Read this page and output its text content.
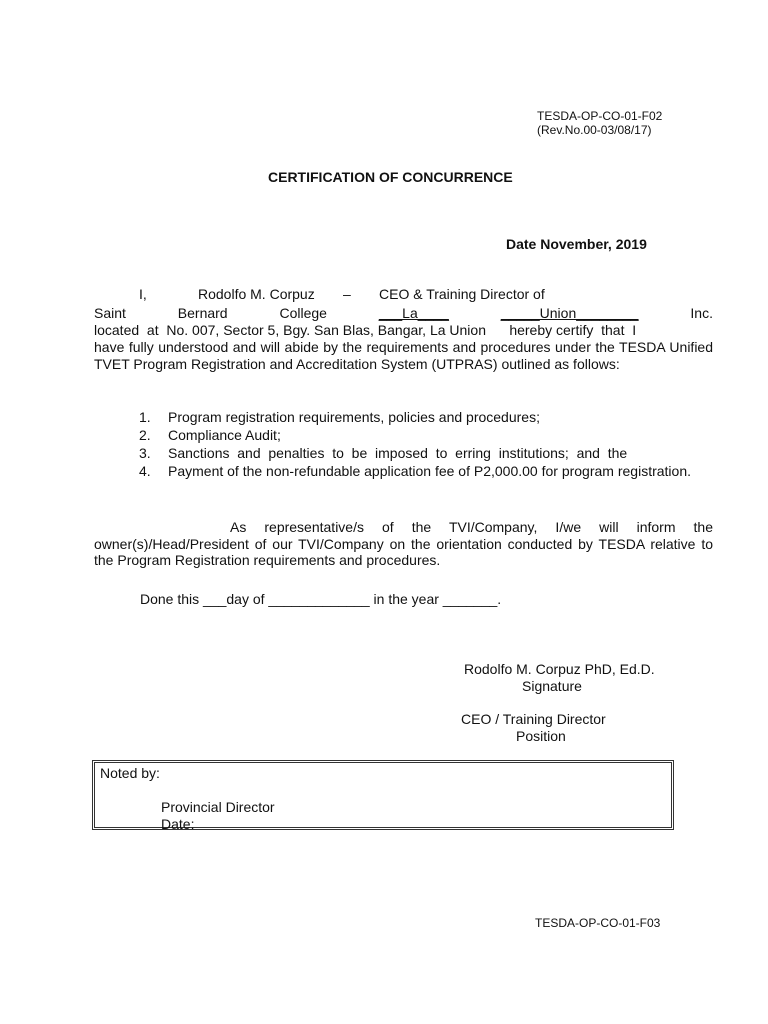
TESDA-OP-CO-01-F02
(Rev.No.00-03/08/17)
CERTIFICATION OF CONCURRENCE
Date November, 2019
I,	Rodolfo M. Corpuz – CEO & Training Director of
Saint	Bernard	College	___La____	_____Union________	Inc.
located  at  No. 007, Sector 5, Bgy. San Blas, Bangar, La Union      hereby certify  that  I
have fully understood and will abide by the requirements and procedures under the TESDA Unified TVET Program Registration and Accreditation System (UTPRAS) outlined as follows:
1.	Program registration requirements, policies and procedures;
2.	Compliance Audit;
3.	Sanctions  and  penalties  to  be  imposed  to  erring  institutions;  and  the
4.	Payment of the non-refundable application fee of P2,000.00 for program registration.
As representative/s of the TVI/Company, I/we will inform the owner(s)/Head/President of our TVI/Company on the orientation conducted by TESDA relative to the Program Registration requirements and procedures.
Done this ___day of _____________ in the year _______.
Rodolfo M. Corpuz PhD, Ed.D.
Signature
CEO / Training Director
Position
Noted by:
Provincial Director
Date:
TESDA-OP-CO-01-F03
